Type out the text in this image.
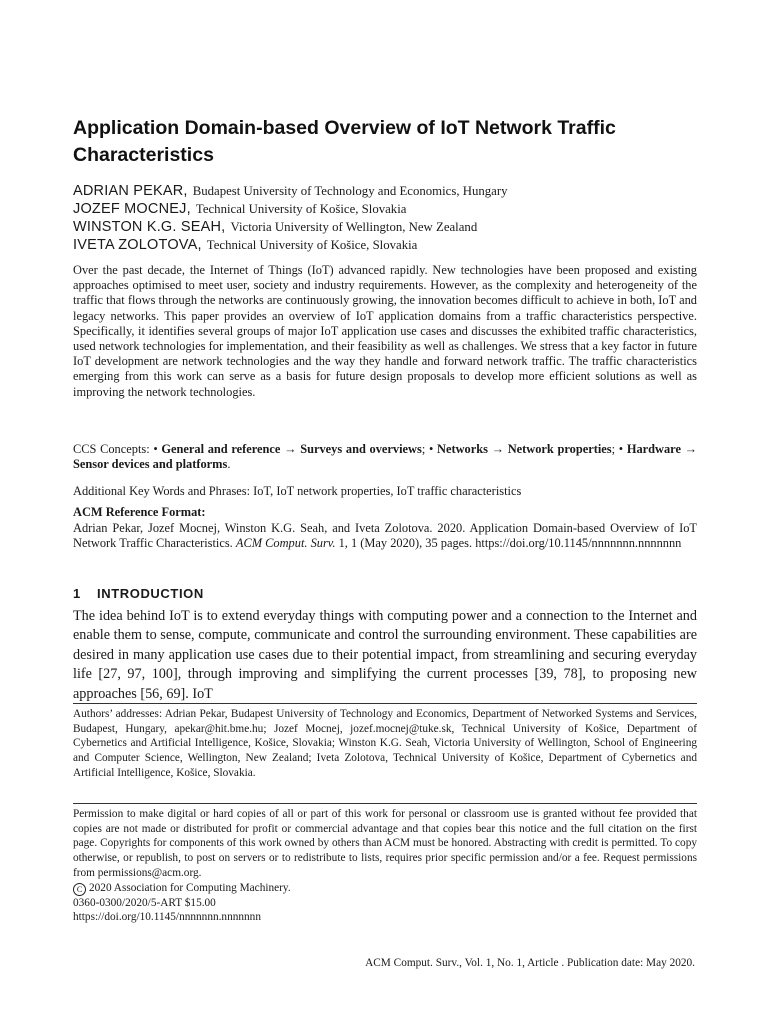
Application Domain-based Overview of IoT Network Traffic Characteristics
ADRIAN PEKAR, Budapest University of Technology and Economics, Hungary
JOZEF MOCNEJ, Technical University of Košice, Slovakia
WINSTON K.G. SEAH, Victoria University of Wellington, New Zealand
IVETA ZOLOTOVA, Technical University of Košice, Slovakia

Over the past decade, the Internet of Things (IoT) advanced rapidly. New technologies have been proposed and existing approaches optimised to meet user, society and industry requirements. However, as the complexity and heterogeneity of the traffic that flows through the networks are continuously growing, the innovation becomes difficult to achieve in both, IoT and legacy networks. This paper provides an overview of IoT application domains from a traffic characteristics perspective. Specifically, it identifies several groups of major IoT application use cases and discusses the exhibited traffic characteristics, used network technologies for implementation, and their feasibility as well as challenges. We stress that a key factor in future IoT development are network technologies and the way they handle and forward network traffic. The traffic characteristics emerging from this work can serve as a basis for future design proposals to develop more efficient solutions as well as improving the network technologies.

CCS Concepts: • General and reference → Surveys and overviews; • Networks → Network properties; • Hardware → Sensor devices and platforms.
Additional Key Words and Phrases: IoT, IoT network properties, IoT traffic characteristics
ACM Reference Format:
Adrian Pekar, Jozef Mocnej, Winston K.G. Seah, and Iveta Zolotova. 2020. Application Domain-based Overview of IoT Network Traffic Characteristics. ACM Comput. Surv. 1, 1 (May 2020), 35 pages. https://doi.org/10.1145/nnnnnnn.nnnnnnn
1 INTRODUCTION

The idea behind IoT is to extend everyday things with computing power and a connection to the Internet and enable them to sense, compute, communicate and control the surrounding environment. These capabilities are desired in many application use cases due to their potential impact, from streamlining and securing everyday life [27, 97, 100], through improving and simplifying the current processes [39, 78], to proposing new approaches [56, 69]. IoT

Authors’ addresses: Adrian Pekar, Budapest University of Technology and Economics, Department of Networked Systems and Services, Budapest, Hungary, apekar@hit.bme.hu; Jozef Mocnej, jozef.mocnej@tuke.sk, Technical University of Košice, Department of Cybernetics and Artificial Intelligence, Košice, Slovakia; Winston K.G. Seah, Victoria University of Wellington, School of Engineering and Computer Science, Wellington, New Zealand; Iveta Zolotova, Technical University of Košice, Department of Cybernetics and Artificial Intelligence, Košice, Slovakia.

Permission to make digital or hard copies of all or part of this work for personal or classroom use is granted without fee provided that copies are not made or distributed for profit or commercial advantage and that copies bear this notice and the full citation on the first page. Copyrights for components of this work owned by others than ACM must be honored. Abstracting with credit is permitted. To copy otherwise, or republish, to post on servers or to redistribute to lists, requires prior specific permission and/or a fee. Request permissions from permissions@acm.org.
C 2020 Association for Computing Machinery.
0360-0300/2020/5-ART $15.00
https://doi.org/10.1145/nnnnnnn.nnnnnnn
ACM Comput. Surv., Vol. 1, No. 1, Article . Publication date: May 2020.
